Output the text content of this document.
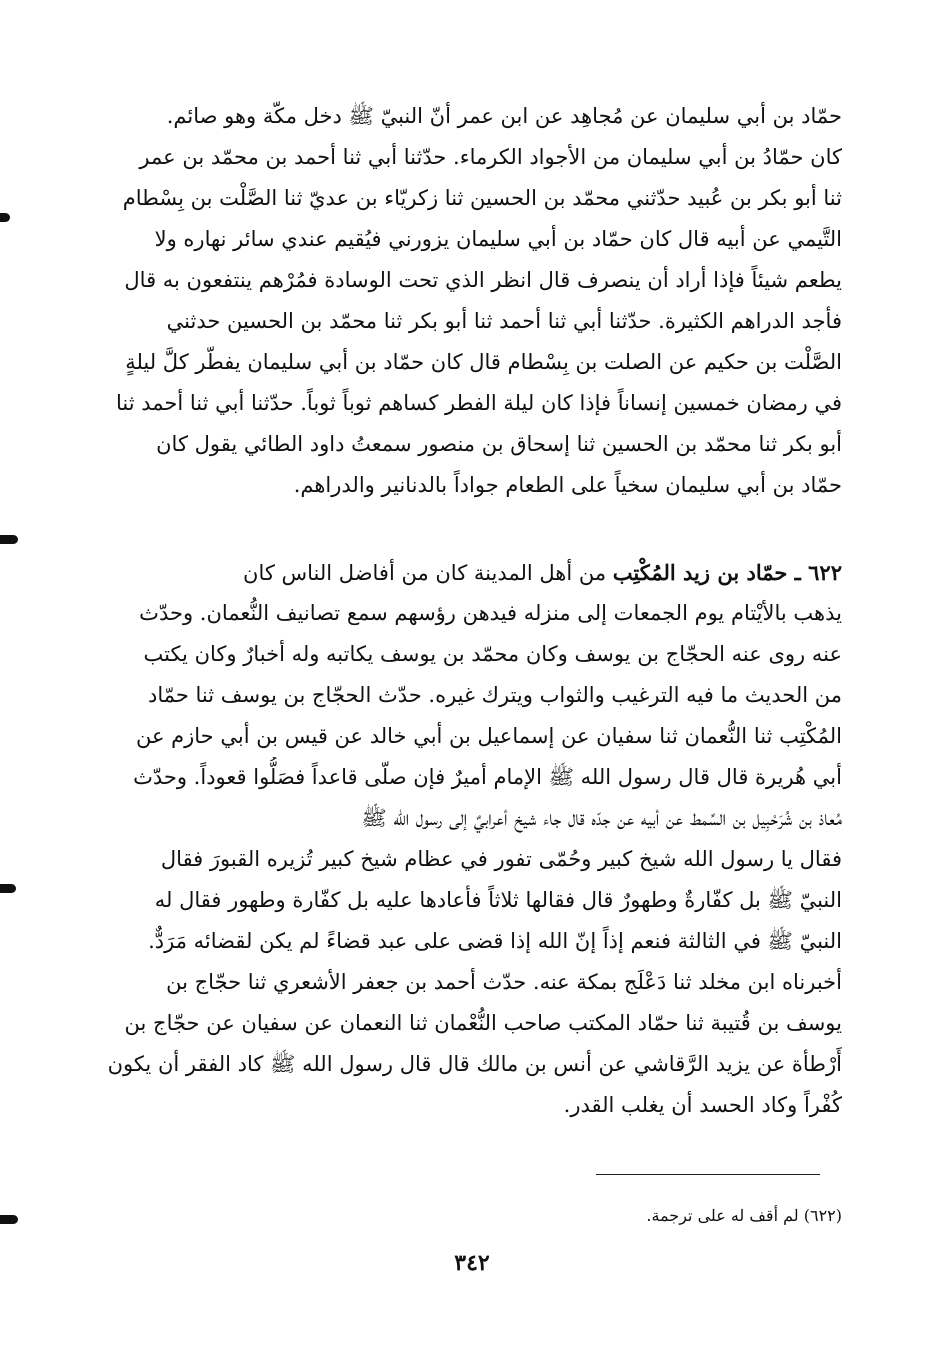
حمّاد بن أبي سليمان عن مُجاهِد عن ابن عمر أنّ النبيّ ﷺ دخل مكّة وهو صائم.
كان حمّادُ بن أبي سليمان من الأجواد الكرماء. حدّثنا أبي ثنا أحمد بن محمّد بن عمر
ثنا أبو بكر بن عُبيد حدّثني محمّد بن الحسين ثنا زكريّاء بن عديّ ثنا الصَّلْت بن بِسْطام
التَّيمي عن أبيه قال كان حمّاد بن أبي سليمان يزورني فيُقيم عندي سائر نهاره ولا
يطعم شيئاً فإذا أراد أن ينصرف قال انظر الذي تحت الوسادة فمُرْهم ينتفعون به قال
فأجد الدراهم الكثيرة. حدّثنا أبي ثنا أحمد ثنا أبو بكر ثنا محمّد بن الحسين حدثني
الصَّلْت بن حكيم عن الصلت بن بِسْطام قال كان حمّاد بن أبي سليمان يفطّر كلَّ ليلةٍ
في رمضان خمسين إنساناً فإذا كان ليلة الفطر كساهم ثوباً ثوباً. حدّثنا أبي ثنا أحمد ثنا
أبو بكر ثنا محمّد بن الحسين ثنا إسحاق بن منصور سمعتُ داود الطائي يقول كان
حمّاد بن أبي سليمان سخياً على الطعام جواداً بالدنانير والدراهم.
٦٢٢ ـ حمّاد بن زيد المُكْتِب من أهل المدينة كان من أفاضل الناس كان
يذهب بالأيْتام يوم الجمعات إلى منزله فيدهن رؤسهم سمع تصانيف النُّعمان. وحدّث
عنه روى عنه الحجّاج بن يوسف وكان محمّد بن يوسف يكاتبه وله أخبارٌ وكان يكتب
من الحديث ما فيه الترغيب والثواب ويترك غيره. حدّث الحجّاج بن يوسف ثنا حمّاد
المُكْتِب ثنا النُّعمان ثنا سفيان عن إسماعيل بن أبي خالد عن قيس بن أبي حازم عن
أبي هُريرة قال قال رسول الله ﷺ الإمام أميرٌ فإن صلّى قاعداً فصَلُّوا قعوداً. وحدّث
مُعاذ بن شُرَحْبِيل بن السِّمط عن أبيه عن جدّه قال جاء شيخ أعرابيٌ إلى رسول الله ﷺ
فقال يا رسول الله شيخ كبير وحُمّى تفور في عظام شيخ كبير تُزيره القبورَ فقال
النبيّ ﷺ بل كفّارةٌ وطهورٌ قال فقالها ثلاثاً فأعادها عليه بل كفّارة وطهور فقال له
النبيّ ﷺ في الثالثة فنعم إذاً إنّ الله إذا قضى على عبد قضاءً لم يكن لقضائه مَرَدٌّ.
أخبرناه ابن مخلد ثنا دَعْلَج بمكة عنه. حدّث أحمد بن جعفر الأشعري ثنا حجّاج بن
يوسف بن قُتيبة ثنا حمّاد المكتب صاحب النُّعْمان ثنا النعمان عن سفيان عن حجّاج بن
أَرْطأة عن يزيد الرَّقاشي عن أنس بن مالك قال قال رسول الله ﷺ كاد الفقر أن يكون
كُفْراً وكاد الحسد أن يغلب القدر.
(٦٢٢) لم أقف له على ترجمة.
٣٤٢
